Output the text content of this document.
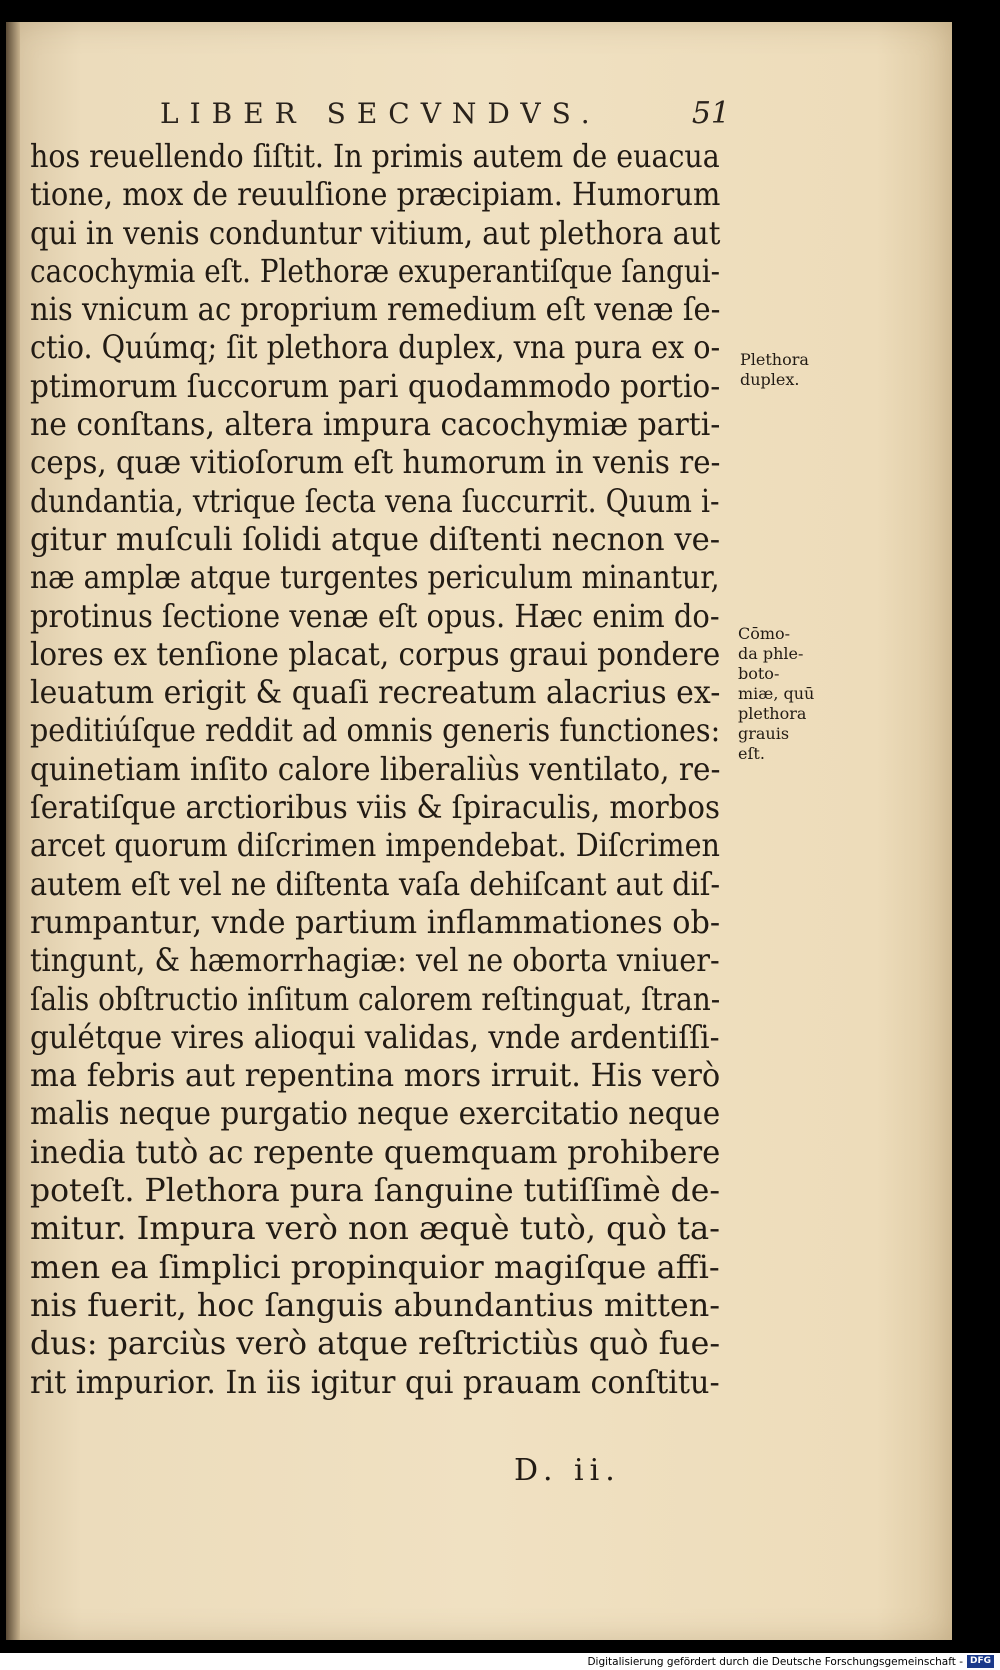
LIBER SECVNDVS.	51
hos reuellendo ſiſtit. In primis autem de euacua
tione, mox de reuulſione præcipiam. Humorum
qui in venis conduntur vitium, aut plethora aut
cacochymia eſt. Plethoræ exuperantiſque ſangui-
nis vnicum ac proprium remedium eſt venæ ſe-
ctio. Quúmq; ſit plethora duplex, vna pura ex o-
ptimorum ſuccorum pari quodammodo portio-
ne conſtans, altera impura cacochymiæ parti-
ceps, quæ vitioſorum eſt humorum in venis re-
dundantia, vtrique ſecta vena ſuccurrit. Quum i-
gitur muſculi ſolidi atque diſtenti necnon ve-
næ amplæ atque turgentes periculum minantur,
protinus ſectione venæ eſt opus. Hæc enim do-
lores ex tenſione placat, corpus graui pondere
leuatum erigit & quaſi recreatum alacrius ex-
peditiúſque reddit ad omnis generis functiones:
quinetiam inſito calore liberaliùs ventilato, re-
ſeratiſque arctioribus viis & ſpiraculis, morbos
arcet quorum diſcrimen impendebat. Diſcrimen
autem eſt vel ne diſtenta vaſa dehiſcant aut diſ-
rumpantur, vnde partium inflammationes ob-
tingunt, & hæmorrhagiæ: vel ne oborta vniuer-
ſalis obſtructio inſitum calorem reſtinguat, ſtran-
gulétque vires alioqui validas, vnde ardentiſſi-
ma febris aut repentina mors irruit. His verò
malis neque purgatio neque exercitatio neque
inedia tutò ac repente quemquam prohibere
poteſt. Plethora pura ſanguine tutiſſimè de-
mitur. Impura verò non æquè tutò, quò ta-
men ea ſimplici propinquior magiſque affi-
nis fuerit, hoc ſanguis abundantius mitten-
dus: parciùs verò atque reſtrictiùs quò fue-
rit impurior. In iis igitur qui prauam conſtitu-
Plethora
duplex.
Cōmo-
da phle-
boto-
miæ, quū
plethora
grauis
eſt.
D. ii.
Digitalisierung gefördert durch die Deutsche Forschungsgemeinschaft - DFG
